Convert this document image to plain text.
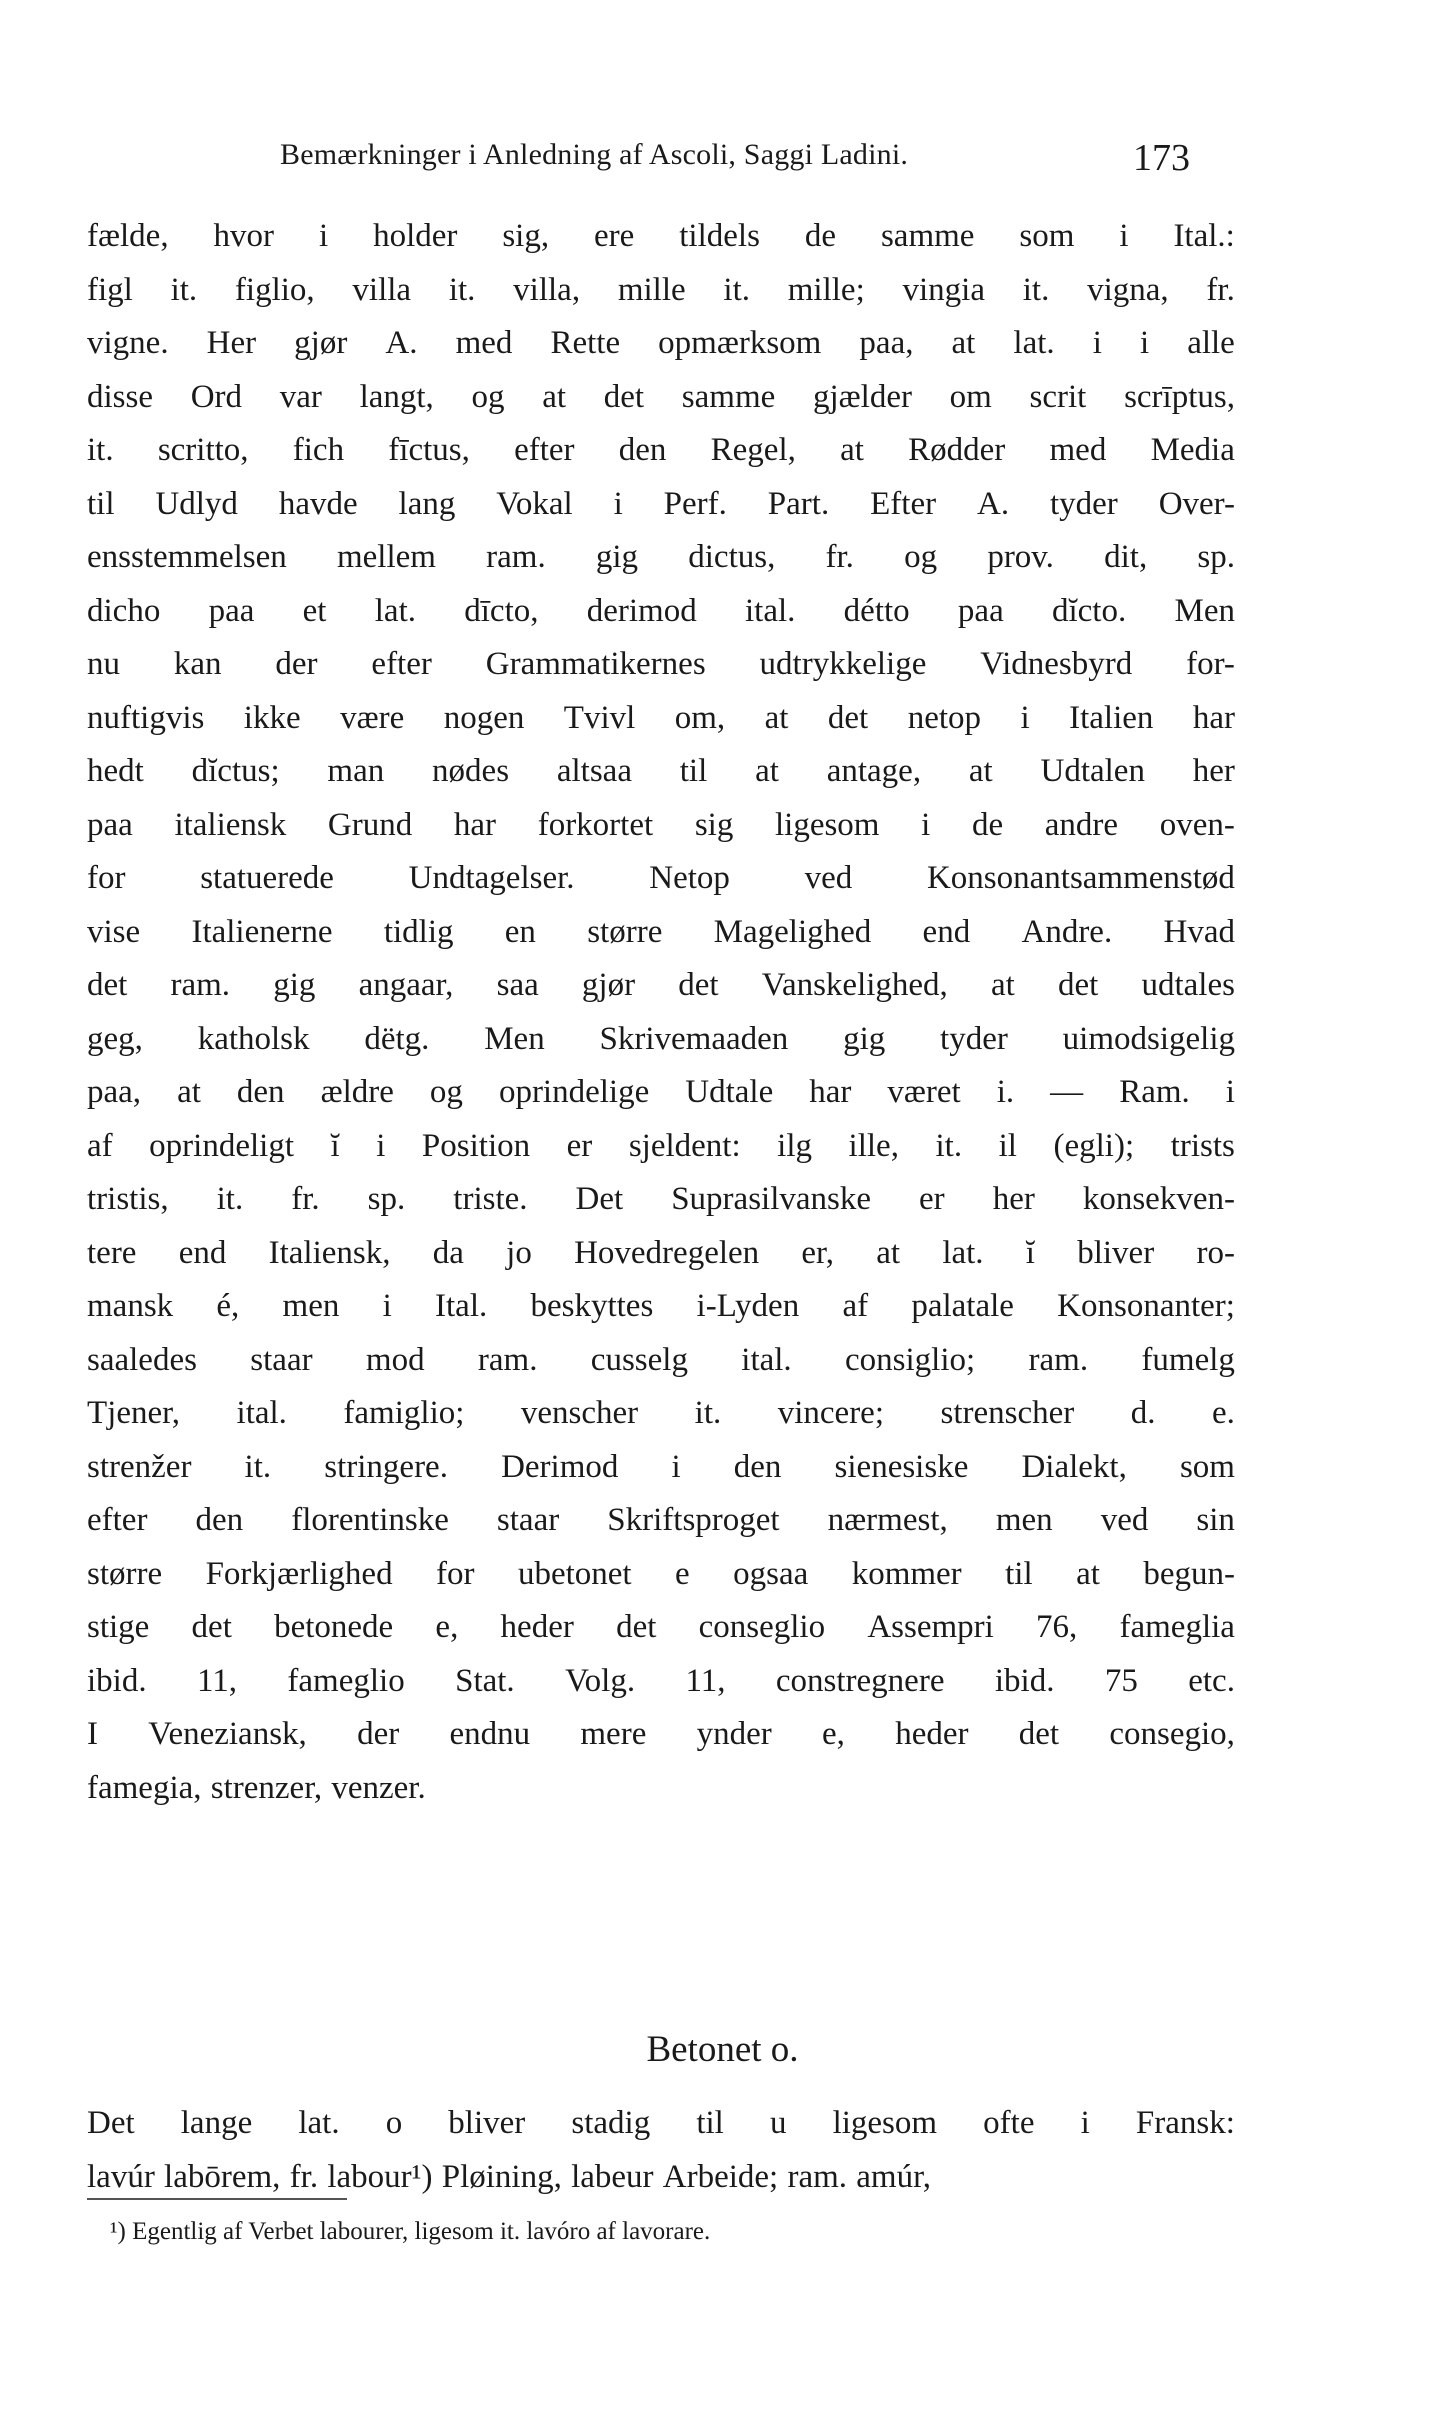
Bemærkninger i Anledning af Ascoli, Saggi Ladini.	173
fælde, hvor i holder sig, ere tildels de samme som i Ital.:
figl it. figlio, villa it. villa, mille it. mille; vingia it. vigna, fr.
vigne. Her gjør A. med Rette opmærksom paa, at lat. i i alle
disse Ord var langt, og at det samme gjælder om scrit scrīptus,
it. scritto, fich fīctus, efter den Regel, at Rødder med Media
til Udlyd havde lang Vokal i Perf. Part. Efter A. tyder Over-
ensstemmelsen mellem ram. gig dictus, fr. og prov. dit, sp.
dicho paa et lat. dīcto, derimod ital. détto paa dĭcto. Men
nu kan der efter Grammatikernes udtrykkelige Vidnesbyrd for-
nuftigvis ikke være nogen Tvivl om, at det netop i Italien har
hedt dĭctus; man nødes altsaa til at antage, at Udtalen her
paa italiensk Grund har forkortet sig ligesom i de andre oven-
for statuerede Undtagelser. Netop ved Konsonantsammenstød
vise Italienerne tidlig en større Magelighed end Andre. Hvad
det ram. gig angaar, saa gjør det Vanskelighed, at det udtales
geg, katholsk dëtg. Men Skrivemaaden gig tyder uimodsigelig
paa, at den ældre og oprindelige Udtale har været i. — Ram. i
af oprindeligt ĭ i Position er sjeldent: ilg ille, it. il (egli); trists
tristis, it. fr. sp. triste. Det Suprasilvanske er her konsekven-
tere end Italiensk, da jo Hovedregelen er, at lat. ĭ bliver ro-
mansk é, men i Ital. beskyttes i-Lyden af palatale Konsonanter;
saaledes staar mod ram. cusselg ital. consiglio; ram. fumelg
Tjener, ital. famiglio; venscher it. vincere; strenscher d. e.
strenžer it. stringere. Derimod i den sienesiske Dialekt, som
efter den florentinske staar Skriftsproget nærmest, men ved sin
større Forkjærlighed for ubetonet e ogsaa kommer til at begun-
stige det betonede e, heder det conseglio Assempri 76, fameglia
ibid. 11, fameglio Stat. Volg. 11, constregnere ibid. 75 etc.
I Veneziansk, der endnu mere ynder e, heder det consegio,
famegia, strenzer, venzer.
Betonet o.
Det lange lat. o bliver stadig til u ligesom ofte i Fransk:
lavúr labōrem, fr. labour¹) Pløining, labeur Arbeide; ram. amúr,
¹) Egentlig af Verbet labourer, ligesom it. lavóro af lavorare.
